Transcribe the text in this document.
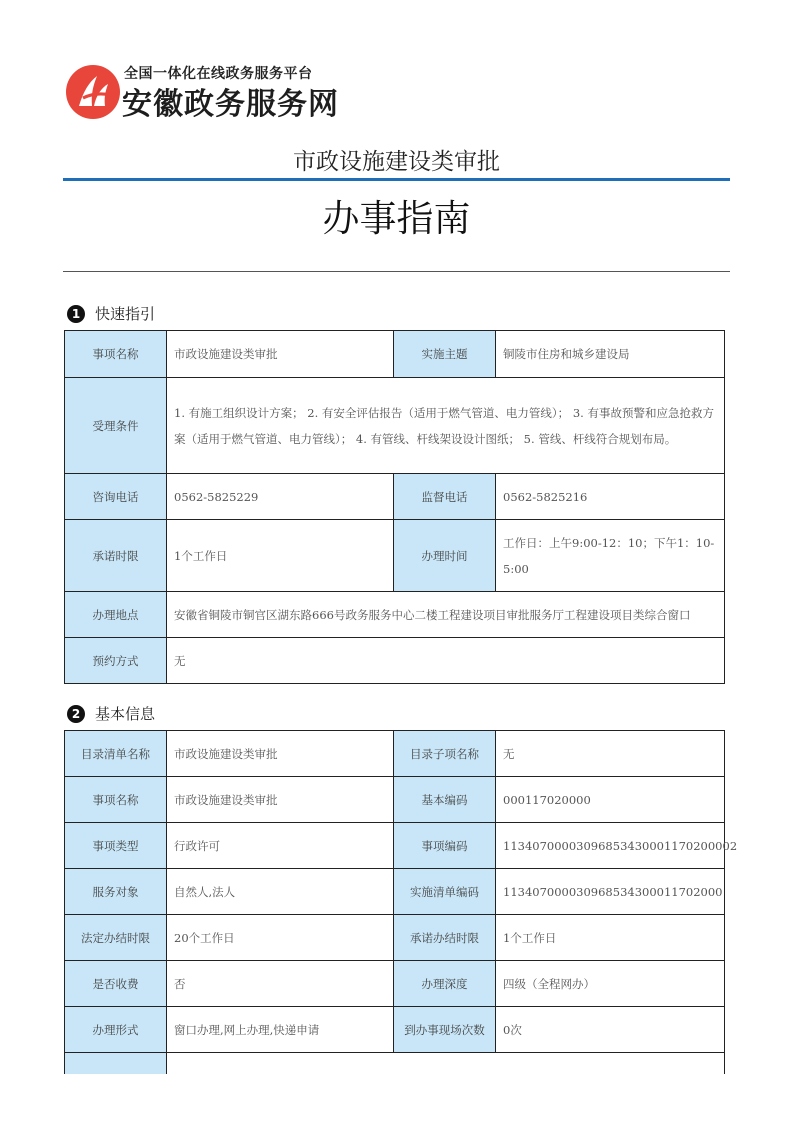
全国一体化在线政务服务平台
安徽政务服务网
市政设施建设类审批
办事指南
1 快速指引
事项名称	市政设施建设类审批	实施主题	铜陵市住房和城乡建设局
受理条件	1. 有施工组织设计方案； 2. 有安全评估报告（适用于燃气管道、电力管线）； 3. 有事故预警和应急抢救方案（适用于燃气管道、电力管线）； 4. 有管线、杆线架设设计图纸； 5. 管线、杆线符合规划布局。		
咨询电话	0562-5825229	监督电话	0562-5825216
承诺时限	1个工作日	办理时间	工作日：上午9:00-12：10；下午1：10-5:00
办理地点	安徽省铜陵市铜官区湖东路666号政务服务中心二楼工程建设项目审批服务厅工程建设项目类综合窗口		
预约方式	无		
2 基本信息
目录清单名称	市政设施建设类审批	目录子项名称	无
事项名称	市政设施建设类审批	基本编码	000117020000
事项类型	行政许可	事项编码	11340700003096853430001170200002
服务对象	自然人,法人	实施清单编码	113407000030968534300011702000
法定办结时限	20个工作日	承诺办结时限	1个工作日
是否收费	否	办理深度	四级（全程网办）
办理形式	窗口办理,网上办理,快递申请	到办事现场次数	0次
